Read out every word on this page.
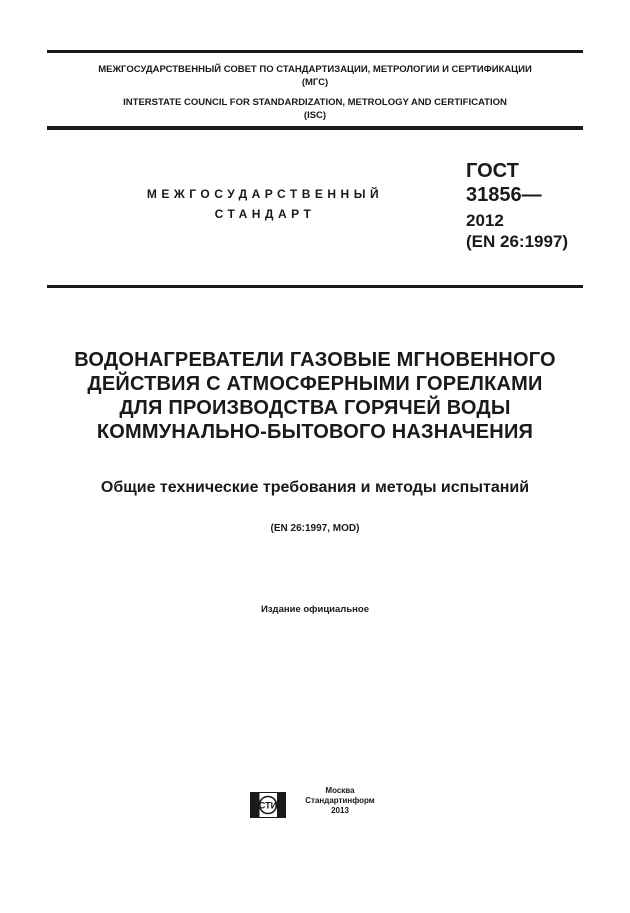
МЕЖГОСУДАРСТВЕННЫЙ СОВЕТ ПО СТАНДАРТИЗАЦИИ, МЕТРОЛОГИИ И СЕРТИФИКАЦИИ
(МГС)
INTERSTATE COUNCIL FOR STANDARDIZATION, METROLOGY AND CERTIFICATION
(ISC)
МЕЖГОСУДАРСТВЕННЫЙ
СТАНДАРТ
ГОСТ
31856—
2012
(EN 26:1997)
ВОДОНАГРЕВАТЕЛИ ГАЗОВЫЕ МГНОВЕННОГО
ДЕЙСТВИЯ С АТМОСФЕРНЫМИ ГОРЕЛКАМИ
ДЛЯ ПРОИЗВОДСТВА ГОРЯЧЕЙ ВОДЫ
КОММУНАЛЬНО-БЫТОВОГО НАЗНАЧЕНИЯ
Общие технические требования и методы испытаний
(EN 26:1997, MOD)
Издание официальное
СТИ
Москва
Стандартинформ
2013
